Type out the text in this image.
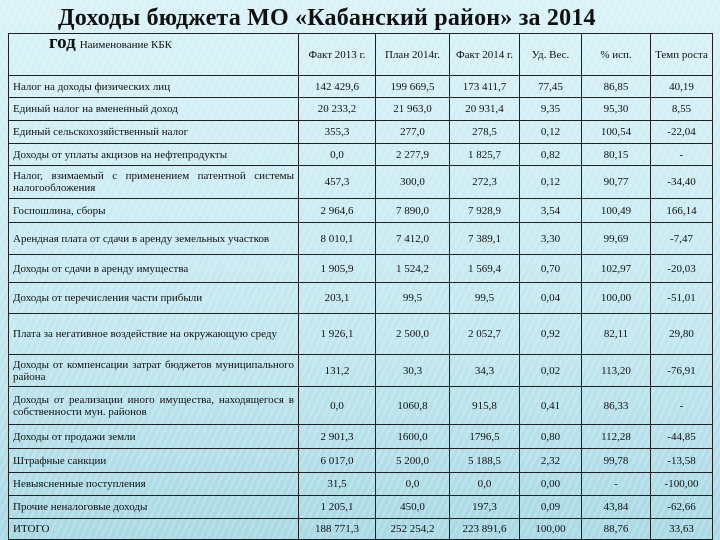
Доходы бюджета МО «Кабанский район» за 2014
год Наименование КБК	Факт 2013 г.	План 2014г.	Факт 2014 г.	Уд. Вес.	% исп.	Темп роста
Налог на доходы физических лиц	142 429,6	199 669,5	173 411,7	77,45	86,85	40,19
Единый налог на вмененный доход	20 233,2	21 963,0	20 931,4	9,35	95,30	8,55
Единый сельскохозяйственный налог	355,3	277,0	278,5	0,12	100,54	-22,04
Доходы от уплаты акцизов на нефтепродукты	0,0	2 277,9	1 825,7	0,82	80,15	-
Налог, взимаемый с применением патентной системы налогообложения	457,3	300,0	272,3	0,12	90,77	-34,40
Госпошлина, сборы	2 964,6	7 890,0	7 928,9	3,54	100,49	166,14
Арендная плата от сдачи в аренду земельных участков	8 010,1	7 412,0	7 389,1	3,30	99,69	-7,47
Доходы от сдачи в аренду имущества	1 905,9	1 524,2	1 569,4	0,70	102,97	-20,03
Доходы от перечисления части прибыли	203,1	99,5	99,5	0,04	100,00	-51,01
Плата за негативное воздействие на окружающую среду	1 926,1	2 500,0	2 052,7	0,92	82,11	29,80
Доходы от компенсации затрат бюджетов муниципального района	131,2	30,3	34,3	0,02	113,20	-76,91
Доходы от реализации иного имущества, находящегося в собственности мун. районов	0,0	1060,8	915,8	0,41	86,33	-
Доходы от продажи земли	2 901,3	1600,0	1796,5	0,80	112,28	-44,85
Штрафные санкции	6 017,0	5 200,0	5 188,5	2,32	99,78	-13,58
Невыясненные поступления	31,5	0,0	0,0	0,00	-	-100,00
Прочие неналоговые доходы	1 205,1	450,0	197,3	0,09	43,84	-62,66
ИТОГО	188 771,3	252 254,2	223 891,6	100,00	88,76	33,63
